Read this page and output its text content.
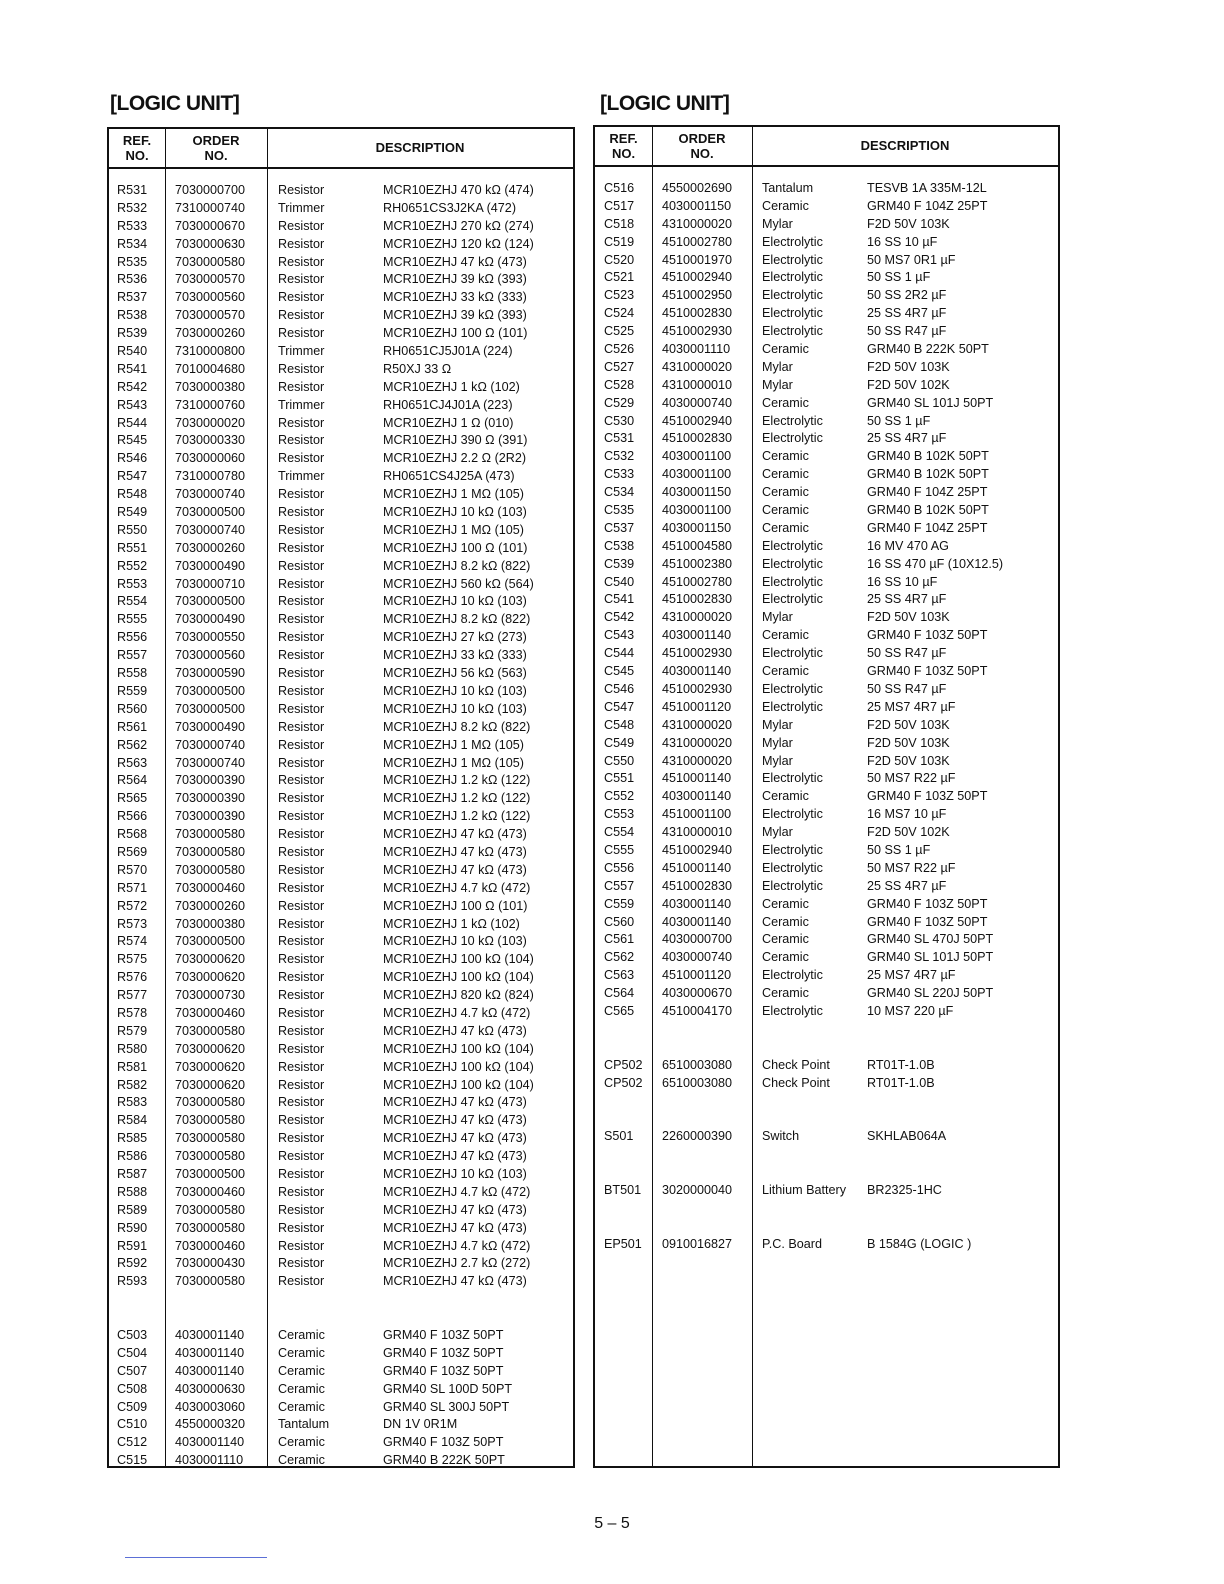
[LOGIC UNIT]	[LOGIC UNIT]
REF.
NO.
ORDER
NO.
DESCRIPTION
R531 7030000700	Resistor	MCR10EZHJ 470 kΩ (474)
R532 7310000740	Trimmer	RH0651CS3J2KA (472)
R533 7030000670	Resistor	MCR10EZHJ 270 kΩ (274)
R534 7030000630	Resistor	MCR10EZHJ 120 kΩ (124)
R535 7030000580	Resistor	MCR10EZHJ 47 kΩ (473)
R536 7030000570	Resistor	MCR10EZHJ 39 kΩ (393)
R537 7030000560	Resistor	MCR10EZHJ 33 kΩ (333)
R538 7030000570	Resistor	MCR10EZHJ 39 kΩ (393)
R539 7030000260	Resistor	MCR10EZHJ 100 Ω (101)
R540 7310000800	Trimmer	RH0651CJ5J01A (224)
R541 7010004680	Resistor	R50XJ 33 Ω
R542 7030000380	Resistor	MCR10EZHJ 1 kΩ (102)
R543 7310000760	Trimmer	RH0651CJ4J01A (223)
R544 7030000020	Resistor	MCR10EZHJ 1 Ω (010)
R545 7030000330	Resistor	MCR10EZHJ 390 Ω (391)
R546 7030000060	Resistor	MCR10EZHJ 2.2 Ω (2R2)
R547 7310000780	Trimmer	RH0651CS4J25A (473)
R548 7030000740	Resistor	MCR10EZHJ 1 MΩ (105)
R549 7030000500	Resistor	MCR10EZHJ 10 kΩ (103)
R550 7030000740	Resistor	MCR10EZHJ 1 MΩ (105)
R551 7030000260	Resistor	MCR10EZHJ 100 Ω (101)
R552 7030000490	Resistor	MCR10EZHJ 8.2 kΩ (822)
R553 7030000710	Resistor	MCR10EZHJ 560 kΩ (564)
R554 7030000500	Resistor	MCR10EZHJ 10 kΩ (103)
R555 7030000490	Resistor	MCR10EZHJ 8.2 kΩ (822)
R556 7030000550	Resistor	MCR10EZHJ 27 kΩ (273)
R557 7030000560	Resistor	MCR10EZHJ 33 kΩ (333)
R558 7030000590	Resistor	MCR10EZHJ 56 kΩ (563)
R559 7030000500	Resistor	MCR10EZHJ 10 kΩ (103)
R560 7030000500	Resistor	MCR10EZHJ 10 kΩ (103)
R561 7030000490	Resistor	MCR10EZHJ 8.2 kΩ (822)
R562 7030000740	Resistor	MCR10EZHJ 1 MΩ (105)
R563 7030000740	Resistor	MCR10EZHJ 1 MΩ (105)
R564 7030000390	Resistor	MCR10EZHJ 1.2 kΩ (122)
R565 7030000390	Resistor	MCR10EZHJ 1.2 kΩ (122)
R566 7030000390	Resistor	MCR10EZHJ 1.2 kΩ (122)
R568 7030000580	Resistor	MCR10EZHJ 47 kΩ (473)
R569 7030000580	Resistor	MCR10EZHJ 47 kΩ (473)
R570 7030000580	Resistor	MCR10EZHJ 47 kΩ (473)
R571 7030000460	Resistor	MCR10EZHJ 4.7 kΩ (472)
R572 7030000260	Resistor	MCR10EZHJ 100 Ω (101)
R573 7030000380	Resistor	MCR10EZHJ 1 kΩ (102)
R574 7030000500	Resistor	MCR10EZHJ 10 kΩ (103)
R575 7030000620	Resistor	MCR10EZHJ 100 kΩ (104)
R576 7030000620	Resistor	MCR10EZHJ 100 kΩ (104)
R577 7030000730	Resistor	MCR10EZHJ 820 kΩ (824)
R578 7030000460	Resistor	MCR10EZHJ 4.7 kΩ (472)
R579 7030000580	Resistor	MCR10EZHJ 47 kΩ (473)
R580 7030000620	Resistor	MCR10EZHJ 100 kΩ (104)
R581 7030000620	Resistor	MCR10EZHJ 100 kΩ (104)
R582 7030000620	Resistor	MCR10EZHJ 100 kΩ (104)
R583 7030000580	Resistor	MCR10EZHJ 47 kΩ (473)
R584 7030000580	Resistor	MCR10EZHJ 47 kΩ (473)
R585 7030000580	Resistor	MCR10EZHJ 47 kΩ (473)
R586 7030000580	Resistor	MCR10EZHJ 47 kΩ (473)
R587 7030000500	Resistor	MCR10EZHJ 10 kΩ (103)
R588 7030000460	Resistor	MCR10EZHJ 4.7 kΩ (472)
R589 7030000580	Resistor	MCR10EZHJ 47 kΩ (473)
R590 7030000580	Resistor	MCR10EZHJ 47 kΩ (473)
R591 7030000460	Resistor	MCR10EZHJ 4.7 kΩ (472)
R592 7030000430	Resistor	MCR10EZHJ 2.7 kΩ (272)
R593 7030000580	Resistor	MCR10EZHJ 47 kΩ (473)
C503 4030001140	Ceramic	GRM40 F 103Z 50PT
C504 4030001140	Ceramic	GRM40 F 103Z 50PT
C507 4030001140	Ceramic	GRM40 F 103Z 50PT
C508 4030000630	Ceramic	GRM40 SL 100D 50PT
C509 4030003060	Ceramic	GRM40 SL 300J 50PT
C510 4550000320	Tantalum	DN 1V 0R1M
C512 4030001140	Ceramic	GRM40 F 103Z 50PT
C515 4030001110	Ceramic	GRM40 B 222K 50PT
REF.
NO.
ORDER
NO.
DESCRIPTION
C516 4550002690 Tantalum	TESVB 1A 335M-12L
C517 4030001150 Ceramic	GRM40 F 104Z 25PT
C518 4310000020 Mylar	F2D 50V 103K
C519 4510002780 Electrolytic	16 SS 10 µF
C520 4510001970 Electrolytic	50 MS7 0R1 µF
C521 4510002940 Electrolytic	50 SS 1 µF
C523 4510002950 Electrolytic	50 SS 2R2 µF
C524 4510002830 Electrolytic	25 SS 4R7 µF
C525 4510002930 Electrolytic	50 SS R47 µF
C526 4030001110	Ceramic	GRM40 B 222K 50PT
C527 4310000020 Mylar	F2D 50V 103K
C528 4310000010 Mylar	F2D 50V 102K
C529 4030000740 Ceramic	GRM40 SL 101J 50PT
C530 4510002940 Electrolytic	50 SS 1 µF
C531 4510002830 Electrolytic	25 SS 4R7 µF
C532 4030001100 Ceramic	GRM40 B 102K 50PT
C533 4030001100 Ceramic	GRM40 B 102K 50PT
C534 4030001150 Ceramic	GRM40 F 104Z 25PT
C535 4030001100 Ceramic	GRM40 B 102K 50PT
C537 4030001150 Ceramic	GRM40 F 104Z 25PT
C538 4510004580 Electrolytic	16 MV 470 AG
C539 4510002380 Electrolytic	16 SS 470 µF (10X12.5)
C540 4510002780 Electrolytic	16 SS 10 µF
C541 4510002830 Electrolytic	25 SS 4R7 µF
C542 4310000020 Mylar	F2D 50V 103K
C543 4030001140 Ceramic	GRM40 F 103Z 50PT
C544 4510002930 Electrolytic	50 SS R47 µF
C545 4030001140 Ceramic	GRM40 F 103Z 50PT
C546 4510002930 Electrolytic	50 SS R47 µF
C547 4510001120 Electrolytic	25 MS7 4R7 µF
C548 4310000020 Mylar	F2D 50V 103K
C549 4310000020 Mylar	F2D 50V 103K
C550 4310000020 Mylar	F2D 50V 103K
C551 4510001140 Electrolytic	50 MS7 R22 µF
C552 4030001140 Ceramic	GRM40 F 103Z 50PT
C553 4510001100 Electrolytic	16 MS7 10 µF
C554 4310000010 Mylar	F2D 50V 102K
C555 4510002940 Electrolytic	50 SS 1 µF
C556 4510001140 Electrolytic	50 MS7 R22 µF
C557 4510002830 Electrolytic	25 SS 4R7 µF
C559 4030001140 Ceramic	GRM40 F 103Z 50PT
C560 4030001140 Ceramic	GRM40 F 103Z 50PT
C561 4030000700 Ceramic	GRM40 SL 470J 50PT
C562 4030000740 Ceramic	GRM40 SL 101J 50PT
C563 4510001120 Electrolytic	25 MS7 4R7 µF
C564 4030000670 Ceramic	GRM40 SL 220J 50PT
C565 4510004170 Electrolytic	10 MS7 220 µF
CP502 6510003080 Check Point	RT01T-1.0B
CP502 6510003080 Check Point	RT01T-1.0B
S501 2260000390 Switch	SKHLAB064A
BT501 3020000040 Lithium Battery BR2325-1HC
EP501 0910016827 P.C. Board	B 1584G (LOGIC )
5 – 5
